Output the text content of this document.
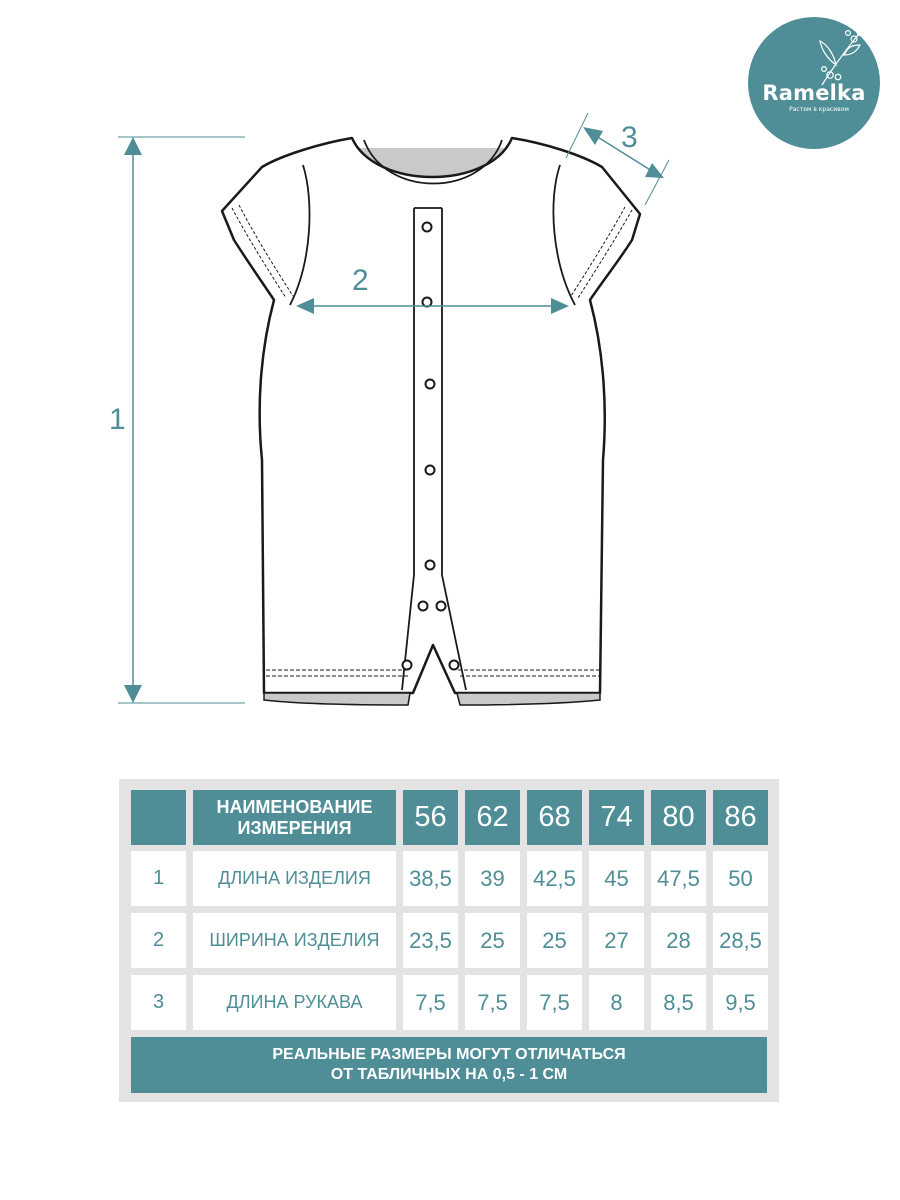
Ramelka
Растем в красивом
1
2
3
НАИМЕНОВАНИЕ
ИЗМЕРЕНИЯ	56	62	68	74	80	86
1	ДЛИНА ИЗДЕЛИЯ	38,5	39	42,5	45	47,5	50
2	ШИРИНА ИЗДЕЛИЯ	23,5	25	25	27	28	28,5
3	ДЛИНА РУКАВА	7,5	7,5	7,5	8	8,5	9,5
РЕАЛЬНЫЕ РАЗМЕРЫ МОГУТ ОТЛИЧАТЬСЯ
ОТ ТАБЛИЧНЫХ НА 0,5 - 1 СМ
